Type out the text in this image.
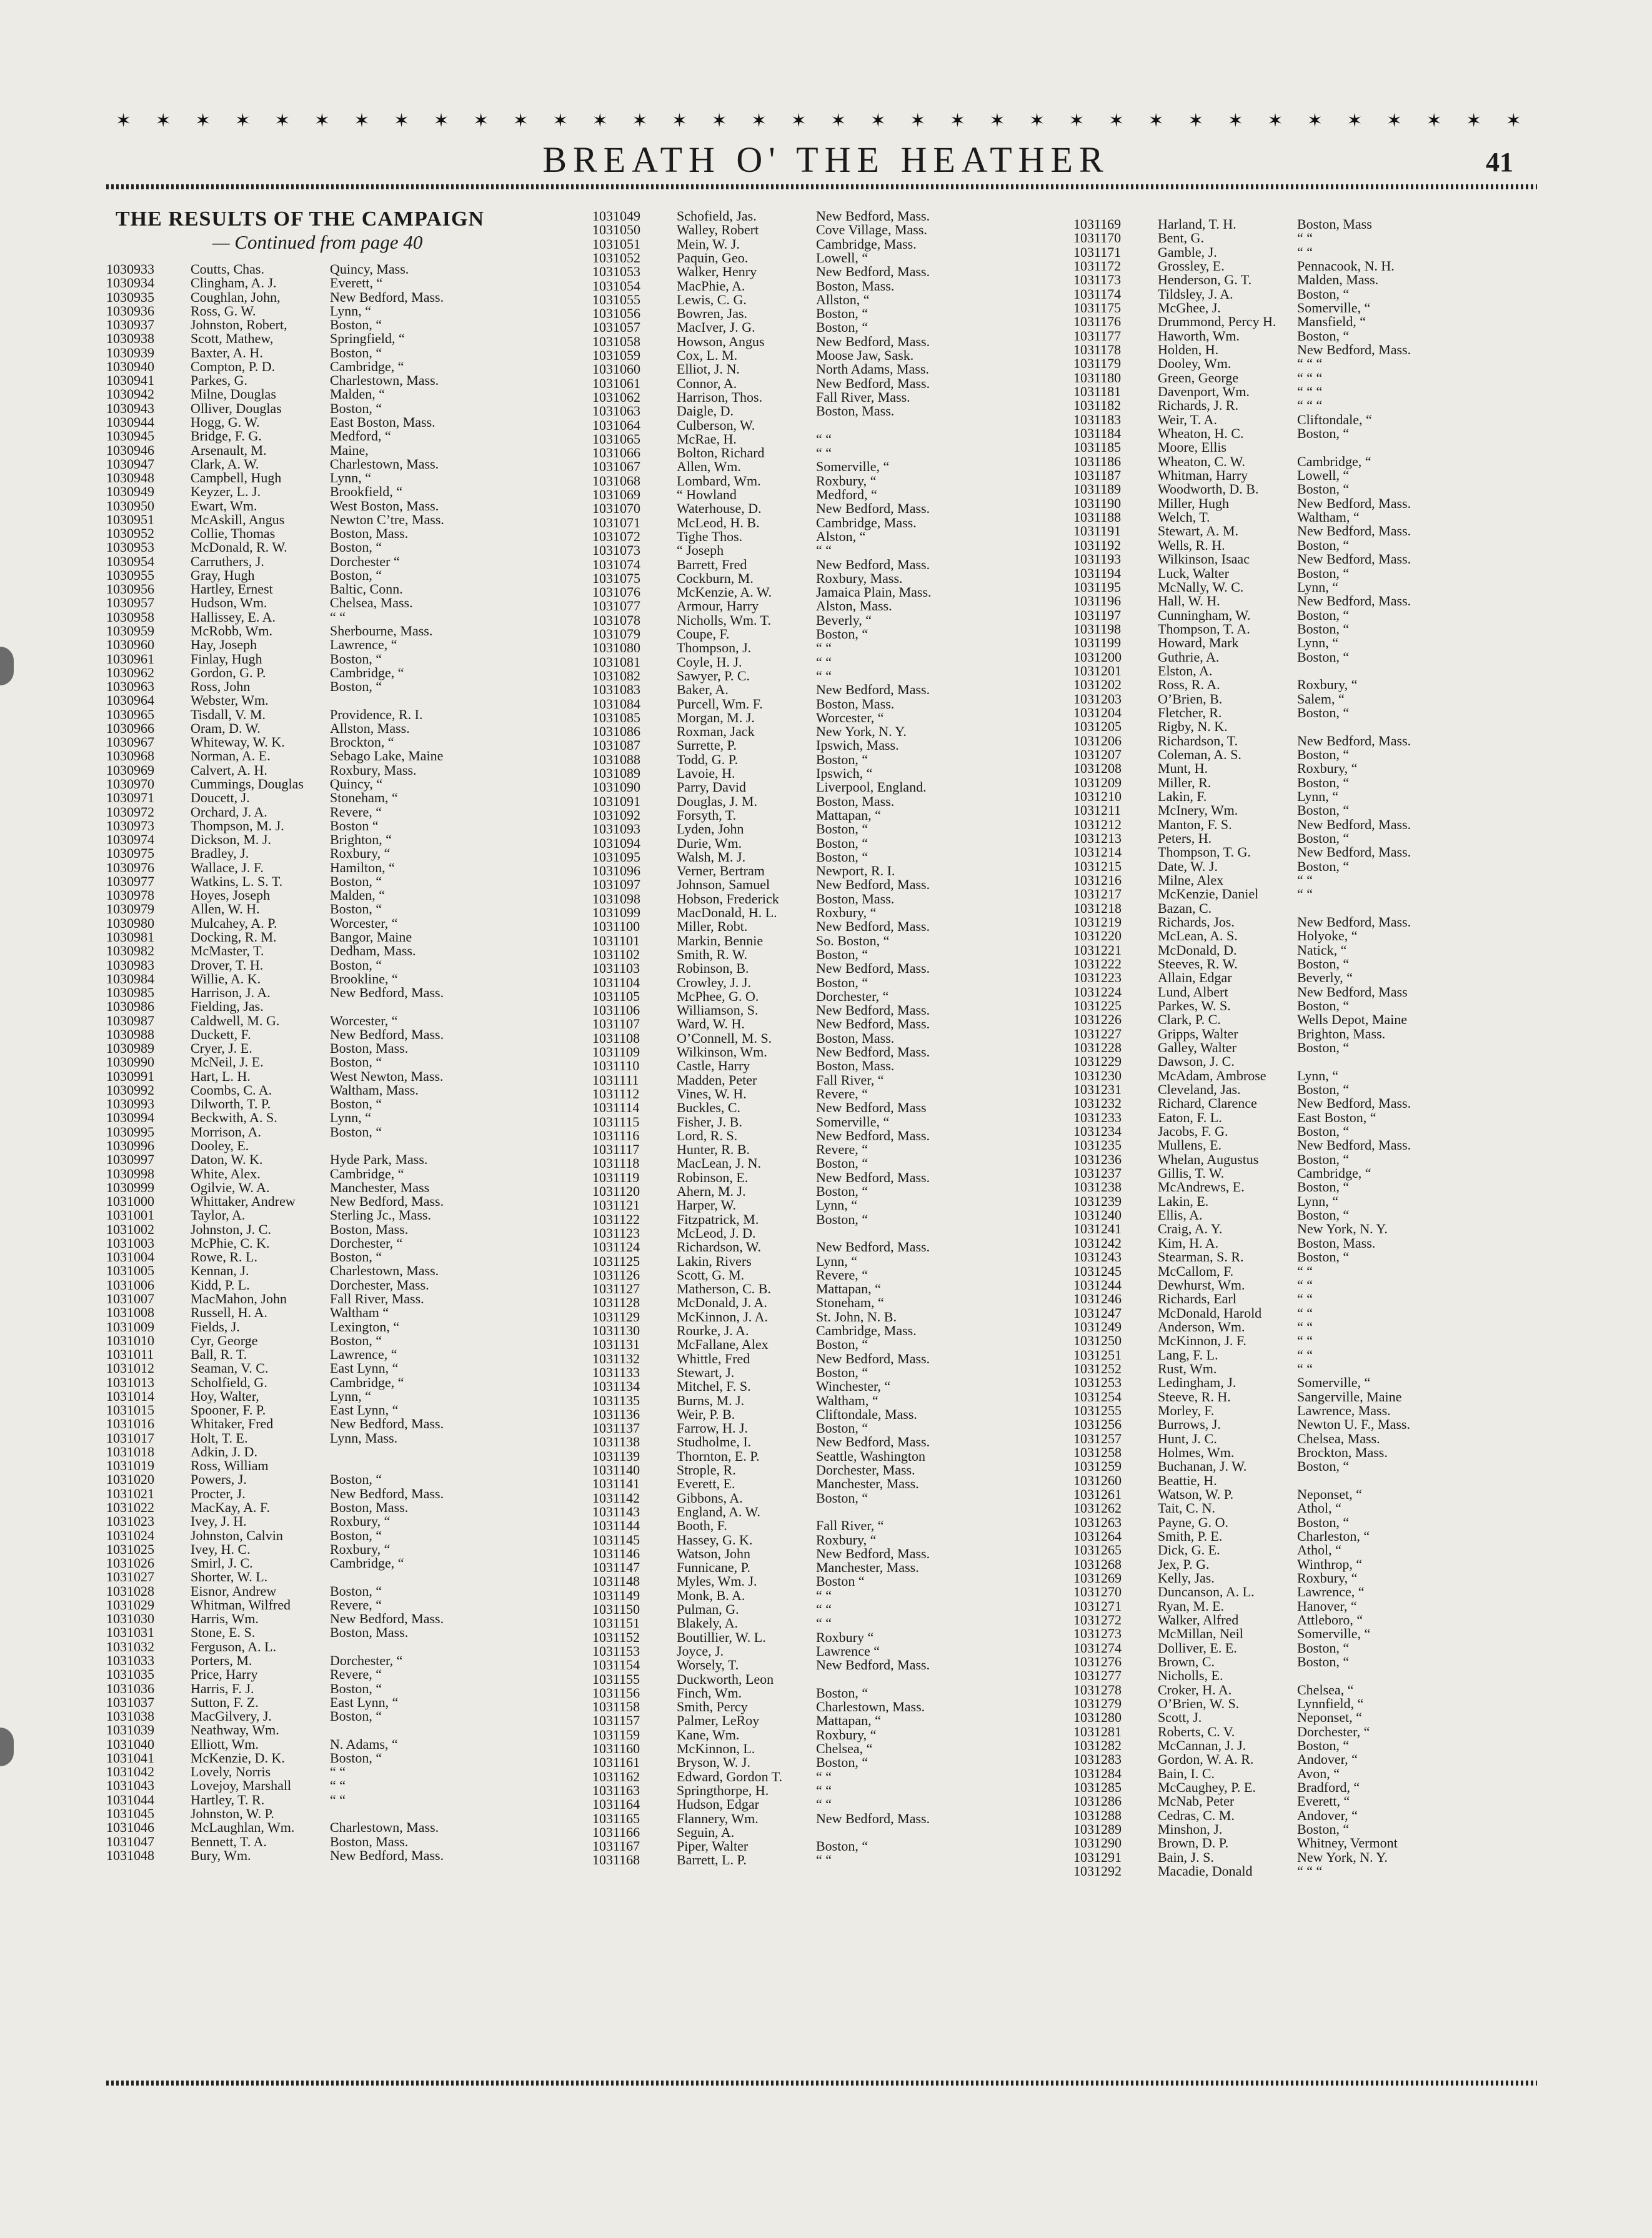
✶ ✶ ✶ ✶ ✶ ✶ ✶ ✶ ✶ ✶ ✶ ✶ ✶ ✶ ✶ ✶ ✶ ✶ ✶ ✶ ✶ ✶ ✶ ✶ ✶ ✶ ✶ ✶ ✶ ✶ ✶ ✶ ✶ ✶ ✶ ✶
BREATH O' THE HEATHER	41
THE RESULTS OF THE CAMPAIGN
— Continued from page 40
1030933	Coutts, Chas.	Quincy, Mass.
1030934	Clingham, A. J.	Everett, “
1030935	Coughlan, John,	New Bedford, Mass.
1030936	Ross, G. W.	Lynn, “
1030937	Johnston, Robert,	Boston, “
1030938	Scott, Mathew,	Springfield, “
1030939	Baxter, A. H.	Boston, “
1030940	Compton, P. D.	Cambridge, “
1030941	Parkes, G.	Charlestown, Mass.
1030942	Milne, Douglas	Malden, “
1030943	Olliver, Douglas	Boston, “
1030944	Hogg, G. W.	East Boston, Mass.
1030945	Bridge, F. G.	Medford, “
1030946	Arsenault, M.	Maine,
1030947	Clark, A. W.	Charlestown, Mass.
1030948	Campbell, Hugh	Lynn, “
1030949	Keyzer, L. J.	Brookfield, “
1030950	Ewart, Wm.	West Boston, Mass.
1030951	McAskill, Angus	Newton C’tre, Mass.
1030952	Collie, Thomas	Boston, Mass.
1030953	McDonald, R. W.	Boston, “
1030954	Carruthers, J.	Dorchester “
1030955	Gray, Hugh	Boston, “
1030956	Hartley, Ernest	Baltic, Conn.
1030957	Hudson, Wm.	Chelsea, Mass.
1030958	Hallissey, E. A.	“ “
1030959	McRobb, Wm.	Sherbourne, Mass.
1030960	Hay, Joseph	Lawrence, “
1030961	Finlay, Hugh	Boston, “
1030962	Gordon, G. P.	Cambridge, “
1030963	Ross, John	Boston, “
1030964	Webster, Wm.
1030965	Tisdall, V. M.	Providence, R. I.
1030966	Oram, D. W.	Allston, Mass.
1030967	Whiteway, W. K.	Brockton, “
1030968	Norman, A. E.	Sebago Lake, Maine
1030969	Calvert, A. H.	Roxbury, Mass.
1030970	Cummings, Douglas Quincy, “
1030971	Doucett, J.	Stoneham, “
1030972	Orchard, J. A.	Revere, “
1030973	Thompson, M. J.	Boston “
1030974	Dickson, M. J.	Brighton, “
1030975	Bradley, J.	Roxbury, “
1030976	Wallace, J. F.	Hamilton, “
1030977	Watkins, L. S. T.	Boston, “
1030978	Hoyes, Joseph	Malden, “
1030979	Allen, W. H.	Boston, “
1030980	Mulcahey, A. P.	Worcester, “
1030981	Docking, R. M.	Bangor, Maine
1030982	McMaster, T.	Dedham, Mass.
1030983	Drover, T. H.	Boston, “
1030984	Willie, A. K.	Brookline, “
1030985	Harrison, J. A.	New Bedford, Mass.
1030986	Fielding, Jas.
1030987	Caldwell, M. G.	Worcester, “
1030988	Duckett, F.	New Bedford, Mass.
1030989	Cryer, J. E.	Boston, Mass.
1030990	McNeil, J. E.	Boston, “
1030991	Hart, L. H.	West Newton, Mass.
1030992	Coombs, C. A.	Waltham, Mass.
1030993	Dilworth, T. P.	Boston, “
1030994	Beckwith, A. S.	Lynn, “
1030995	Morrison, A.	Boston, “
1030996	Dooley, E.
1030997	Daton, W. K.	Hyde Park, Mass.
1030998	White, Alex.	Cambridge, “
1030999	Ogilvie, W. A.	Manchester, Mass
1031000	Whittaker, Andrew	New Bedford, Mass.
1031001	Taylor, A.	Sterling Jc., Mass.
1031002	Johnston, J. C.	Boston, Mass.
1031003	McPhie, C. K.	Dorchester, “
1031004	Rowe, R. L.	Boston, “
1031005	Kennan, J.	Charlestown, Mass.
1031006	Kidd, P. L.	Dorchester, Mass.
1031007	MacMahon, John	Fall River, Mass.
1031008	Russell, H. A.	Waltham “
1031009	Fields, J.	Lexington, “
1031010	Cyr, George	Boston, “
1031011	Ball, R. T.	Lawrence, “
1031012	Seaman, V. C.	East Lynn, “
1031013	Scholfield, G.	Cambridge, “
1031014	Hoy, Walter,	Lynn, “
1031015	Spooner, F. P.	East Lynn, “
1031016	Whitaker, Fred	New Bedford, Mass.
1031017	Holt, T. E.	Lynn, Mass.
1031018	Adkin, J. D.
1031019	Ross, William
1031020	Powers, J.	Boston, “
1031021	Procter, J.	New Bedford, Mass.
1031022	MacKay, A. F.	Boston, Mass.
1031023	Ivey, J. H.	Roxbury, “
1031024	Johnston, Calvin	Boston, “
1031025	Ivey, H. C.	Roxbury, “
1031026	Smirl, J. C.	Cambridge, “
1031027	Shorter, W. L.
1031028	Eisnor, Andrew	Boston, “
1031029	Whitman, Wilfred	Revere, “
1031030	Harris, Wm.	New Bedford, Mass.
1031031	Stone, E. S.	Boston, Mass.
1031032	Ferguson, A. L.
1031033	Porters, M.	Dorchester, “
1031035	Price, Harry	Revere, “
1031036	Harris, F. J.	Boston, “
1031037	Sutton, F. Z.	East Lynn, “
1031038	MacGilvery, J.	Boston, “
1031039	Neathway, Wm.
1031040	Elliott, Wm.	N. Adams, “
1031041	McKenzie, D. K.	Boston, “
1031042	Lovely, Norris	“ “
1031043	Lovejoy, Marshall	“ “
1031044	Hartley, T. R.	“ “
1031045	Johnston, W. P.
1031046	McLaughlan, Wm.	Charlestown, Mass.
1031047	Bennett, T. A.	Boston, Mass.
1031048	Bury, Wm.	New Bedford, Mass.
1031049	Schofield, Jas.	New Bedford, Mass.
1031050	Walley, Robert	Cove Village, Mass.
1031051	Mein, W. J.	Cambridge, Mass.
1031052	Paquin, Geo.	Lowell, “
1031053	Walker, Henry	New Bedford, Mass.
1031054	MacPhie, A.	Boston, Mass.
1031055	Lewis, C. G.	Allston, “
1031056	Bowren, Jas.	Boston, “
1031057	MacIver, J. G.	Boston, “
1031058	Howson, Angus	New Bedford, Mass.
1031059	Cox, L. M.	Moose Jaw, Sask.
1031060	Elliot, J. N.	North Adams, Mass.
1031061	Connor, A.	New Bedford, Mass.
1031062	Harrison, Thos.	Fall River, Mass.
1031063	Daigle, D.	Boston, Mass.
1031064	Culberson, W.
1031065	McRae, H.	“ “
1031066	Bolton, Richard	“ “
1031067	Allen, Wm.	Somerville, “
1031068	Lombard, Wm.	Roxbury, “
1031069	“ Howland	Medford, “
1031070	Waterhouse, D.	New Bedford, Mass.
1031071	McLeod, H. B.	Cambridge, Mass.
1031072	Tighe Thos.	Alston, “
1031073	“ Joseph	“ “
1031074	Barrett, Fred	New Bedford, Mass.
1031075	Cockburn, M.	Roxbury, Mass.
1031076	McKenzie, A. W.	Jamaica Plain, Mass.
1031077	Armour, Harry	Alston, Mass.
1031078	Nicholls, Wm. T.	Beverly, “
1031079	Coupe, F.	Boston, “
1031080	Thompson, J.	“ “
1031081	Coyle, H. J.	“ “
1031082	Sawyer, P. C.	“ “
1031083	Baker, A.	New Bedford, Mass.
1031084	Purcell, Wm. F.	Boston, Mass.
1031085	Morgan, M. J.	Worcester, “
1031086	Roxman, Jack	New York, N. Y.
1031087	Surrette, P.	Ipswich, Mass.
1031088	Todd, G. P.	Boston, “
1031089	Lavoie, H.	Ipswich, “
1031090	Parry, David	Liverpool, England.
1031091	Douglas, J. M.	Boston, Mass.
1031092	Forsyth, T.	Mattapan, “
1031093	Lyden, John	Boston, “
1031094	Durie, Wm.	Boston, “
1031095	Walsh, M. J.	Boston, “
1031096	Verner, Bertram	Newport, R. I.
1031097	Johnson, Samuel	New Bedford, Mass.
1031098	Hobson, Frederick	Boston, Mass.
1031099	MacDonald, H. L.	Roxbury, “
1031100	Miller, Robt.	New Bedford, Mass.
1031101	Markin, Bennie	So. Boston, “
1031102	Smith, R. W.	Boston, “
1031103	Robinson, B.	New Bedford, Mass.
1031104	Crowley, J. J.	Boston, “
1031105	McPhee, G. O.	Dorchester, “
1031106	Williamson, S.	New Bedford, Mass.
1031107	Ward, W. H.	New Bedford, Mass.
1031108	O’Connell, M. S.	Boston, Mass.
1031109	Wilkinson, Wm.	New Bedford, Mass.
1031110	Castle, Harry	Boston, Mass.
1031111	Madden, Peter	Fall River, “
1031112	Vines, W. H.	Revere, “
1031114	Buckles, C.	New Bedford, Mass
1031115	Fisher, J. B.	Somerville, “
1031116	Lord, R. S.	New Bedford, Mass.
1031117	Hunter, R. B.	Revere, “
1031118	MacLean, J. N.	Boston, “
1031119	Robinson, E.	New Bedford, Mass.
1031120	Ahern, M. J.	Boston, “
1031121	Harper, W.	Lynn, “
1031122	Fitzpatrick, M.	Boston, “
1031123	McLeod, J. D.
1031124	Richardson, W.	New Bedford, Mass.
1031125	Lakin, Rivers	Lynn, “
1031126	Scott, G. M.	Revere, “
1031127	Matherson, C. B.	Mattapan, “
1031128	McDonald, J. A.	Stoneham, “
1031129	McKinnon, J. A.	St. John, N. B.
1031130	Rourke, J. A.	Cambridge, Mass.
1031131	McFallane, Alex	Boston, “
1031132	Whittle, Fred	New Bedford, Mass.
1031133	Stewart, J.	Boston, “
1031134	Mitchel, F. S.	Winchester, “
1031135	Burns, M. J.	Waltham, “
1031136	Weir, P. B.	Cliftondale, Mass.
1031137	Farrow, H. J.	Boston, “
1031138	Studholme, I.	New Bedford, Mass.
1031139	Thornton, E. P.	Seattle, Washington
1031140	Strople, R.	Dorchester, Mass.
1031141	Everett, E.	Manchester, Mass.
1031142	Gibbons, A.	Boston, “
1031143	England, A. W.
1031144	Booth, F.	Fall River, “
1031145	Hassey, G. K.	Roxbury, “
1031146	Watson, John	New Bedford, Mass.
1031147	Funnicane, P.	Manchester, Mass.
1031148	Myles, Wm. J.	Boston “
1031149	Monk, B. A.	“ “
1031150	Pulman, G.	“ “
1031151	Blakely, A.	“ “
1031152	Boutillier, W. L.	Roxbury “
1031153	Joyce, J.	Lawrence “
1031154	Worsely, T.	New Bedford, Mass.
1031155	Duckworth, Leon
1031156	Finch, Wm.	Boston, “
1031158	Smith, Percy	Charlestown, Mass.
1031157	Palmer, LeRoy	Mattapan, “
1031159	Kane, Wm.	Roxbury, “
1031160	McKinnon, L.	Chelsea, “
1031161	Bryson, W. J.	Boston, “
1031162	Edward, Gordon T. “ “
1031163	Springthorpe, H.	“ “
1031164	Hudson, Edgar	“ “
1031165	Flannery, Wm.	New Bedford, Mass.
1031166	Seguin, A.
1031167	Piper, Walter	Boston, “
1031168	Barrett, L. P.	“ “
1031169	Harland, T. H.	Boston, Mass
1031170	Bent, G.	“ “
1031171	Gamble, J.	“ “
1031172	Grossley, E.	Pennacook, N. H.
1031173	Henderson, G. T.	Malden, Mass.
1031174	Tildsley, J. A.	Boston, “
1031175	McGhee, J.	Somerville, “
1031176	Drummond, Percy H. Mansfield, “
1031177	Haworth, Wm.	Boston, “
1031178	Holden, H.	New Bedford, Mass.
1031179	Dooley, Wm.	“ “ “
1031180	Green, George	“ “ “
1031181	Davenport, Wm.	“ “ “
1031182	Richards, J. R.	“ “ “
1031183	Weir, T. A.	Cliftondale, “
1031184	Wheaton, H. C.	Boston, “
1031185	Moore, Ellis
1031186	Wheaton, C. W.	Cambridge, “
1031187	Whitman, Harry	Lowell, “
1031189	Woodworth, D. B.	Boston, “
1031190	Miller, Hugh	New Bedford, Mass.
1031188	Welch, T.	Waltham, “
1031191	Stewart, A. M.	New Bedford, Mass.
1031192	Wells, R. H.	Boston, “
1031193	Wilkinson, Isaac	New Bedford, Mass.
1031194	Luck, Walter	Boston, “
1031195	McNally, W. C.	Lynn, “
1031196	Hall, W. H.	New Bedford, Mass.
1031197	Cunningham, W.	Boston, “
1031198	Thompson, T. A.	Boston, “
1031199	Howard, Mark	Lynn, “
1031200	Guthrie, A.	Boston, “
1031201	Elston, A.
1031202	Ross, R. A.	Roxbury, “
1031203	O’Brien, B.	Salem, “
1031204	Fletcher, R.	Boston, “
1031205	Rigby, N. K.
1031206	Richardson, T.	New Bedford, Mass.
1031207	Coleman, A. S.	Boston, “
1031208	Munt, H.	Roxbury, “
1031209	Miller, R.	Boston, “
1031210	Lakin, F.	Lynn, “
1031211	McInery, Wm.	Boston, “
1031212	Manton, F. S.	New Bedford, Mass.
1031213	Peters, H.	Boston, “
1031214	Thompson, T. G.	New Bedford, Mass.
1031215	Date, W. J.	Boston, “
1031216	Milne, Alex	“ “
1031217	McKenzie, Daniel	“ “
1031218	Bazan, C.
1031219	Richards, Jos.	New Bedford, Mass.
1031220	McLean, A. S.	Holyoke, “
1031221	McDonald, D.	Natick, “
1031222	Steeves, R. W.	Boston, “
1031223	Allain, Edgar	Beverly, “
1031224	Lund, Albert	New Bedford, Mass
1031225	Parkes, W. S.	Boston, “
1031226	Clark, P. C.	Wells Depot, Maine
1031227	Gripps, Walter	Brighton, Mass.
1031228	Galley, Walter	Boston, “
1031229	Dawson, J. C.
1031230	McAdam, Ambrose Lynn, “
1031231	Cleveland, Jas.	Boston, “
1031232	Richard, Clarence	New Bedford, Mass.
1031233	Eaton, F. L.	East Boston, “
1031234	Jacobs, F. G.	Boston, “
1031235	Mullens, E.	New Bedford, Mass.
1031236	Whelan, Augustus	Boston, “
1031237	Gillis, T. W.	Cambridge, “
1031238	McAndrews, E.	Boston, “
1031239	Lakin, E.	Lynn, “
1031240	Ellis, A.	Boston, “
1031241	Craig, A. Y.	New York, N. Y.
1031242	Kim, H. A.	Boston, Mass.
1031243	Stearman, S. R.	Boston, “
1031245	McCallom, F.	“ “
1031244	Dewhurst, Wm.	“ “
1031246	Richards, Earl	“ “
1031247	McDonald, Harold	“ “
1031249	Anderson, Wm.	“ “
1031250	McKinnon, J. F.	“ “
1031251	Lang, F. L.	“ “
1031252	Rust, Wm.	“ “
1031253	Ledingham, J.	Somerville, “
1031254	Steeve, R. H.	Sangerville, Maine
1031255	Morley, F.	Lawrence, Mass.
1031256	Burrows, J.	Newton U. F., Mass.
1031257	Hunt, J. C.	Chelsea, Mass.
1031258	Holmes, Wm.	Brockton, Mass.
1031259	Buchanan, J. W.	Boston, “
1031260	Beattie, H.
1031261	Watson, W. P.	Neponset, “
1031262	Tait, C. N.	Athol, “
1031263	Payne, G. O.	Boston, “
1031264	Smith, P. E.	Charleston, “
1031265	Dick, G. E.	Athol, “
1031268	Jex, P. G.	Winthrop, “
1031269	Kelly, Jas.	Roxbury, “
1031270	Duncanson, A. L.	Lawrence, “
1031271	Ryan, M. E.	Hanover, “
1031272	Walker, Alfred	Attleboro, “
1031273	McMillan, Neil	Somerville, “
1031274	Dolliver, E. E.	Boston, “
1031276	Brown, C.	Boston, “
1031277	Nicholls, E.
1031278	Croker, H. A.	Chelsea, “
1031279	O’Brien, W. S.	Lynnfield, “
1031280	Scott, J.	Neponset, “
1031281	Roberts, C. V.	Dorchester, “
1031282	McCannan, J. J.	Boston, “
1031283	Gordon, W. A. R.	Andover, “
1031284	Bain, I. C.	Avon, “
1031285	McCaughey, P. E.	Bradford, “
1031286	McNab, Peter	Everett, “
1031288	Cedras, C. M.	Andover, “
1031289	Minshon, J.	Boston, “
1031290	Brown, D. P.	Whitney, Vermont
1031291	Bain, J. S.	New York, N. Y.
1031292	Macadie, Donald	“ “ “
